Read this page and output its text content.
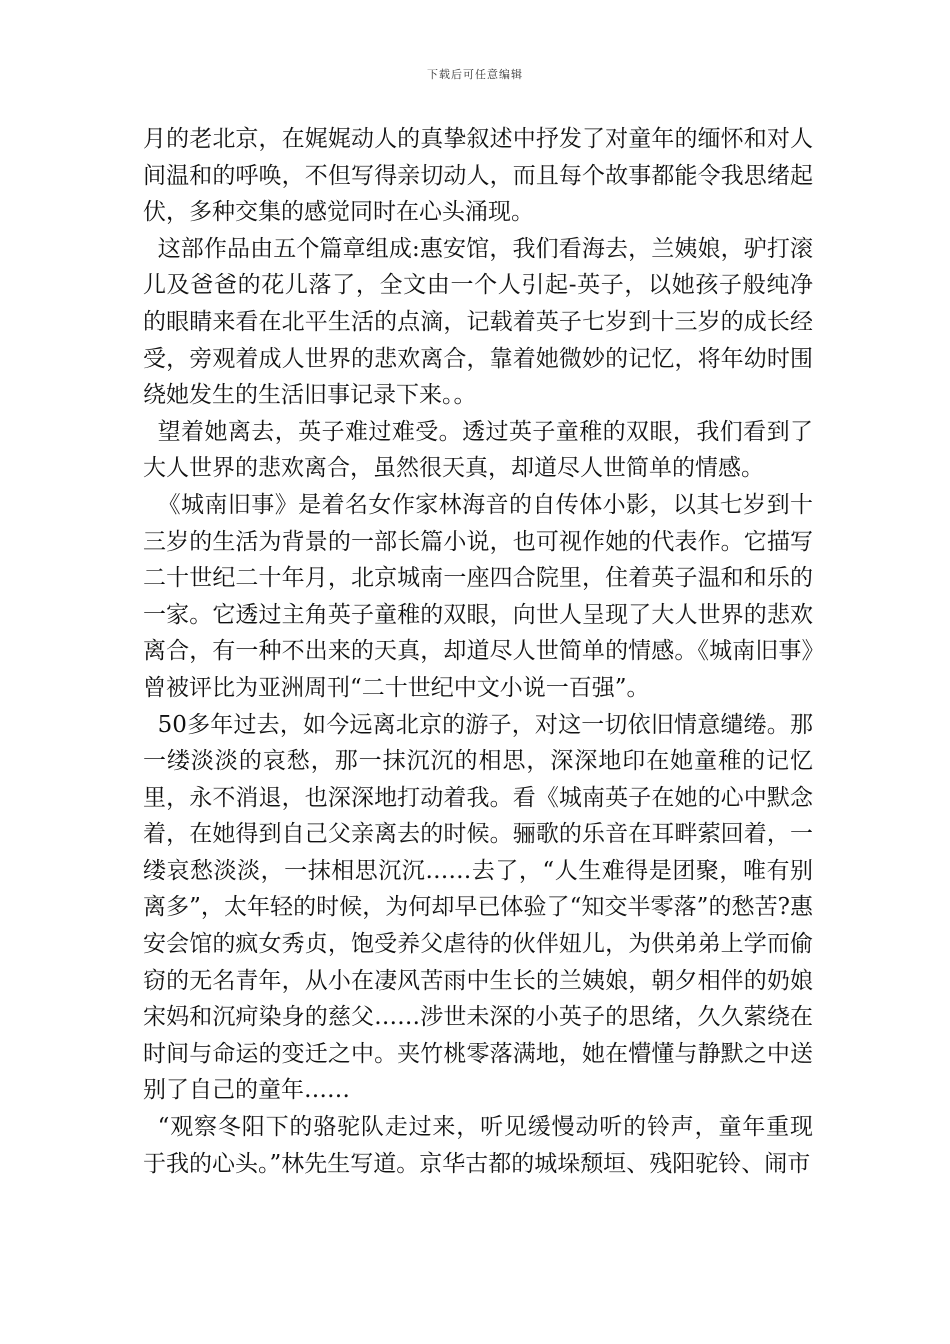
下载后可任意编辑

月的老北京，在娓娓动人的真挚叙述中抒发了对童年的缅怀和对人间温和的呼唤，不但写得亲切动人，而且每个故事都能令我思绪起伏，多种交集的感觉同时在心头涌现。

这部作品由五个篇章组成:惠安馆，我们看海去，兰姨娘，驴打滚儿及爸爸的花儿落了，全文由一个人引起-英子，以她孩子般纯净的眼睛来看在北平生活的点滴，记载着英子七岁到十三岁的成长经受，旁观着成人世界的悲欢离合，靠着她微妙的记忆，将年幼时围绕她发生的生活旧事记录下来。。

望着她离去，英子难过难受。透过英子童稚的双眼，我们看到了大人世界的悲欢离合，虽然很天真，却道尽人世简单的情感。

《城南旧事》是着名女作家林海音的自传体小影，以其七岁到十三岁的生活为背景的一部长篇小说，也可视作她的代表作。它描写二十世纪二十年月，北京城南一座四合院里，住着英子温和和乐的一家。它透过主角英子童稚的双眼，向世人呈现了大人世界的悲欢离合，有一种不出来的天真，却道尽人世简单的情感。《城南旧事》曾被评比为亚洲周刊“二十世纪中文小说一百强”。

50多年过去，如今远离北京的游子，对这一切依旧情意缱绻。那一缕淡淡的哀愁，那一抹沉沉的相思，深深地印在她童稚的记忆里，永不消退，也深深地打动着我。看《城南英子在她的心中默念着，在她得到自己父亲离去的时候。骊歌的乐音在耳畔萦回着，一缕哀愁淡淡，一抹相思沉沉……去了，“人生难得是团聚，唯有别离多”，太年轻的时候，为何却早已体验了“知交半零落”的愁苦?惠安会馆的疯女秀贞，饱受养父虐待的伙伴妞儿，为供弟弟上学而偷窃的无名青年，从小在凄风苦雨中生长的兰姨娘，朝夕相伴的奶娘宋妈和沉疴染身的慈父……涉世未深的小英子的思绪，久久萦绕在时间与命运的变迁之中。夹竹桃零落满地，她在懵懂与静默之中送别了自己的童年……

“观察冬阳下的骆驼队走过来，听见缓慢动听的铃声，童年重现于我的心头。”林先生写道。京华古都的城垛颓垣、残阳驼铃、闹市
